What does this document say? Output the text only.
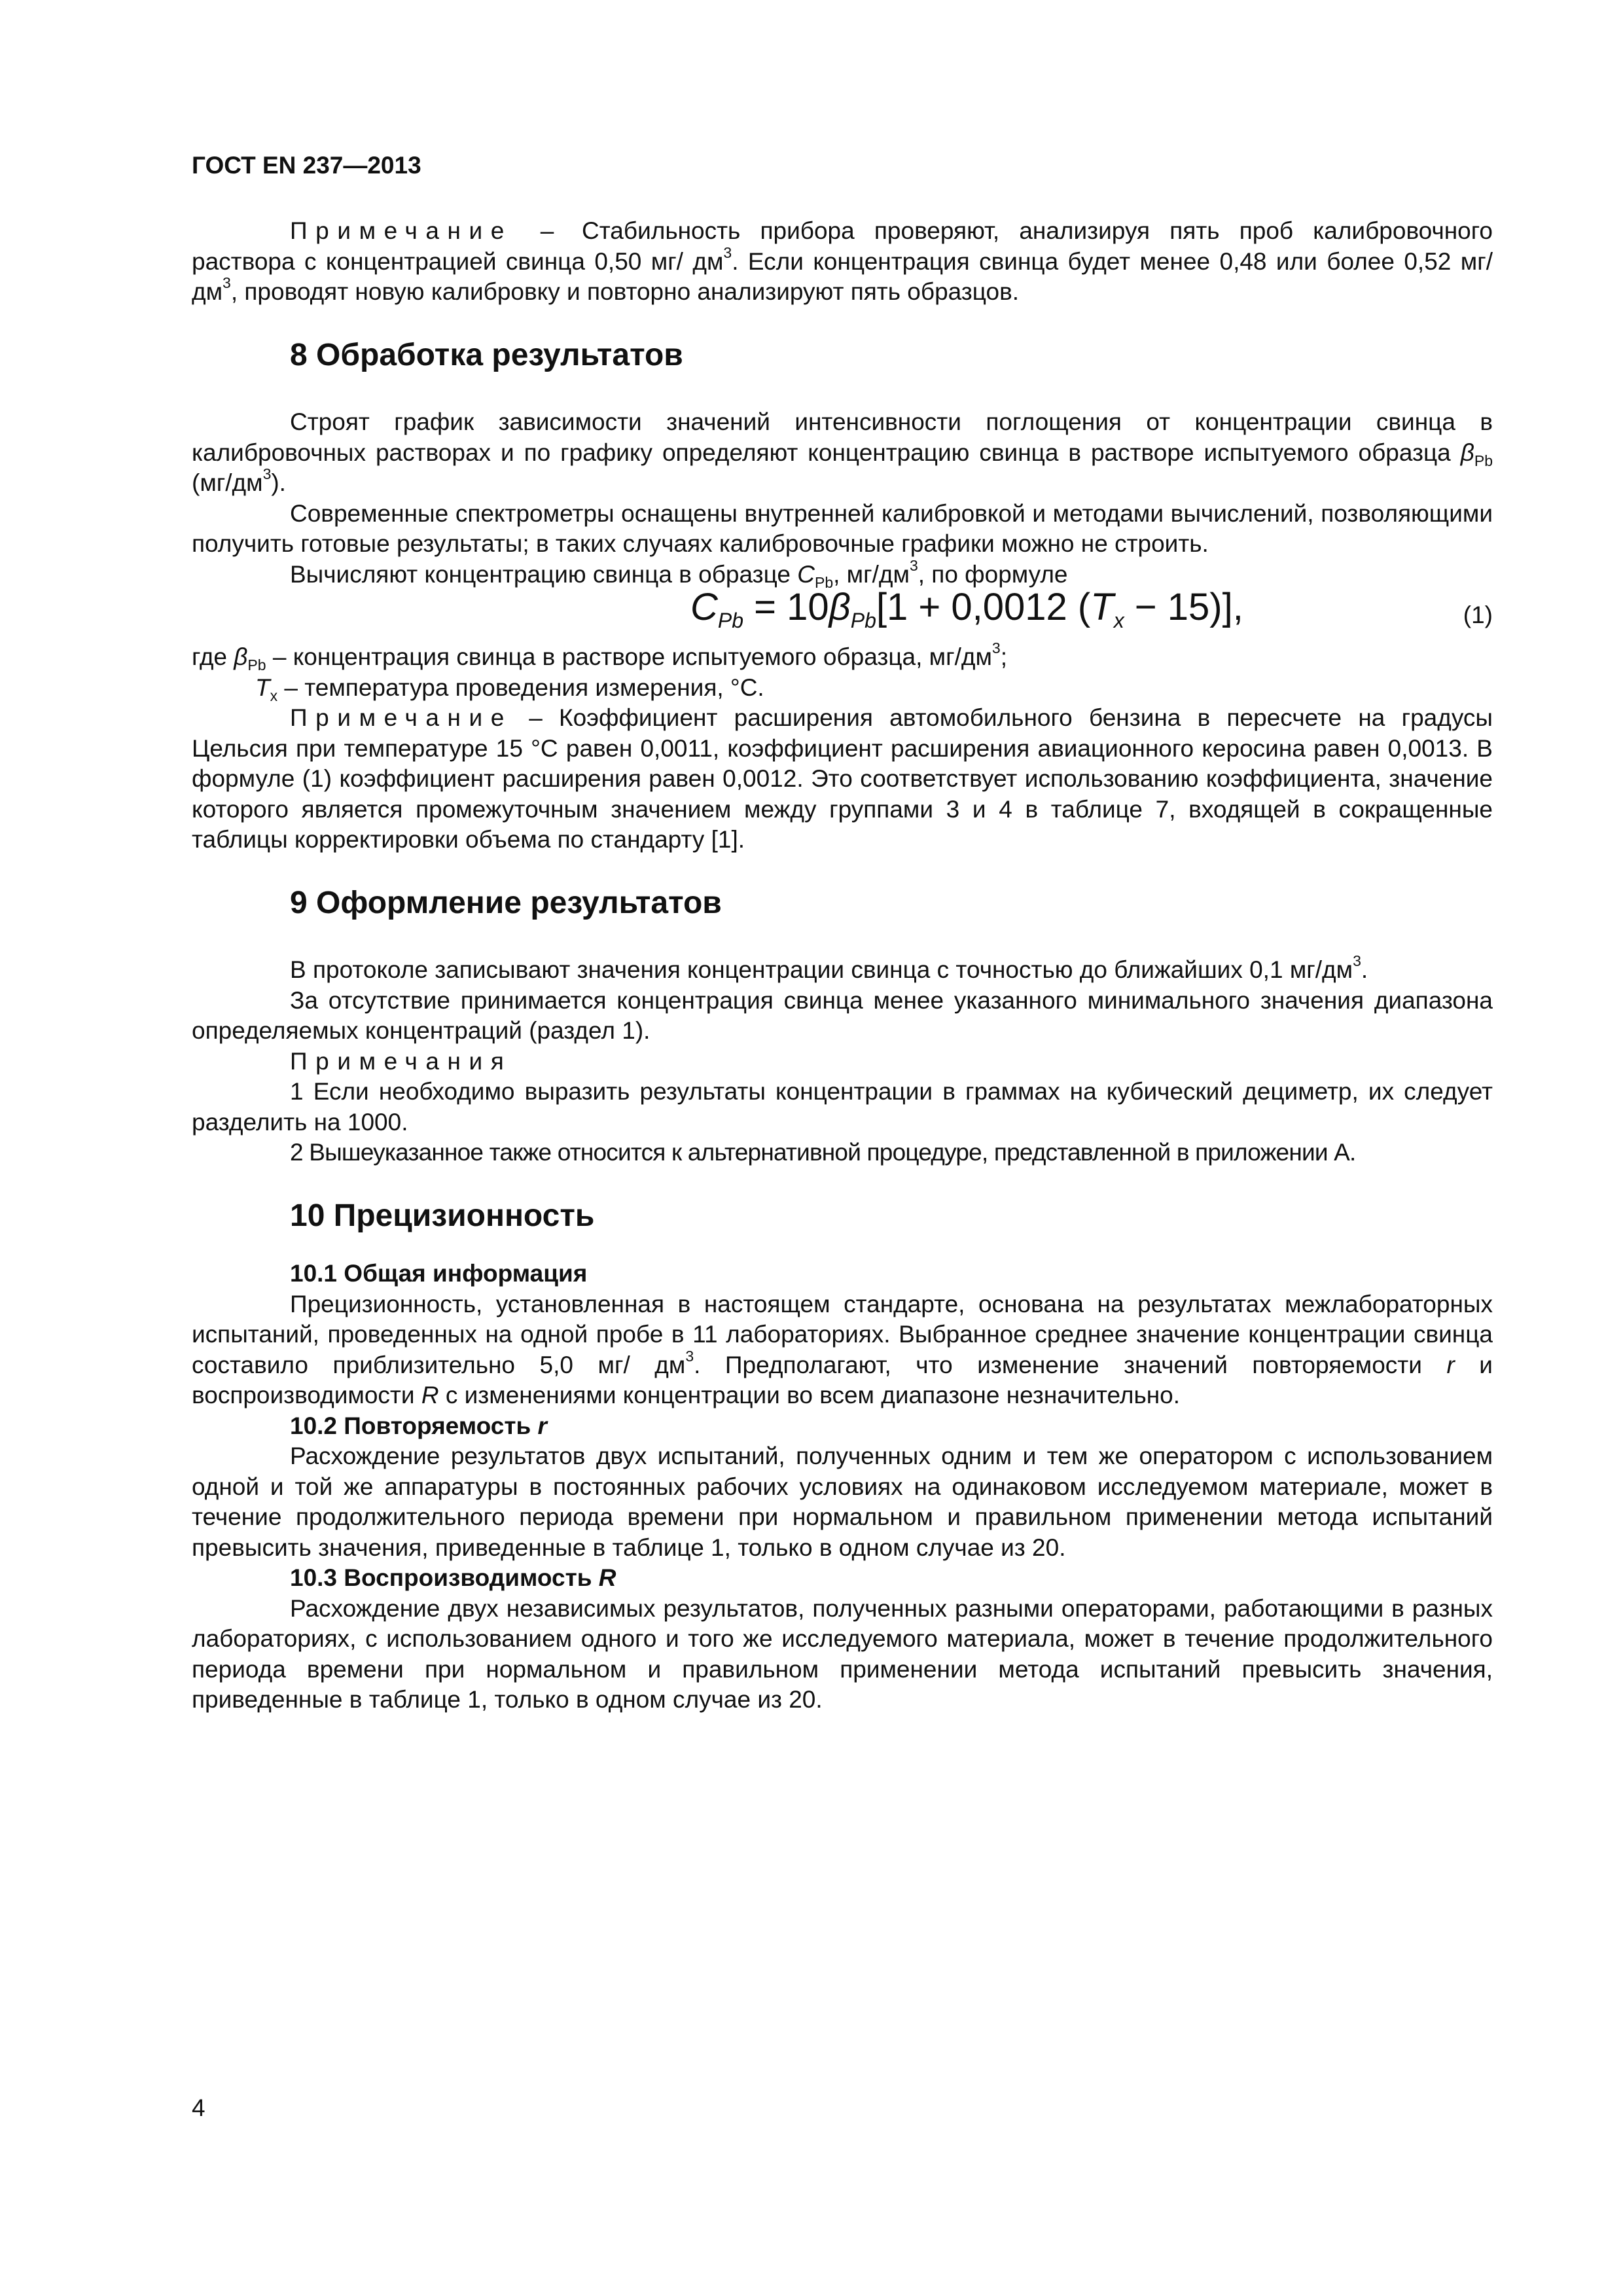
ГОСТ EN 237—2013

Примечание – Стабильность прибора проверяют, анализируя пять проб калибровочного раствора с концентрацией свинца 0,50 мг/ $дм^3$. Если концентрация свинца будет менее 0,48 или более 0,52 $мг/дм^3$, проводят новую калибровку и повторно анализируют пять образцов.

8 Обработка результатов

Строят график зависимости значений интенсивности поглощения от концентрации свинца в калибровочных растворах и по графику определяют концентрацию свинца в растворе испытуемого образца $\beta_{Pb}$ $(мг/дм^3)$.

Современные спектрометры оснащены внутренней калибровкой и методами вычислений, позволяющими получить готовые результаты; в таких случаях калибровочные графики можно не строить.

Вычисляют концентрацию свинца в образце $C_{Pb}$, $мг/дм^3$, по формуле

$C_{Pb} = 10\beta_{Pb}[1 + 0,0012$ $(T_x - 15)$],	(1)

где $\beta_{Pb}$ – концентрация свинца в растворе испытуемого образца, $мг/дм^3$;

$T_x$ – температура проведения измерения, °С.

Примечание – Коэффициент расширения автомобильного бензина в пересчете на градусы Цельсия при температуре 15 °С равен 0,0011, коэффициент расширения авиационного керосина равен 0,0013. В формуле (1) коэффициент расширения равен 0,0012. Это соответствует использованию коэффициента, значение которого является промежуточным значением между группами 3 и 4 в таблице 7, входящей в сокращенные таблицы корректировки объема по стандарту [1].

9 Оформление результатов

В протоколе записывают значения концентрации свинца с точностью до ближайших 0,1 $мг/дм^3$.

За отсутствие принимается концентрация свинца менее указанного минимального значения диапазона определяемых концентраций (раздел 1).

Примечания

1 Если необходимо выразить результаты концентрации в граммах на кубический дециметр, их следует разделить на 1000.

2 Вышеуказанное также относится к альтернативной процедуре, представленной в приложении А.

10 Прецизионность
10.1 Общая информация

Прецизионность, установленная в настоящем стандарте, основана на результатах межлабораторных испытаний, проведенных на одной пробе в 11 лабораториях. Выбранное среднее значение концентрации свинца составило приблизительно 5,0 мг/ $дм^3$. Предполагают, что изменение значений повторяемости r и воспроизводимости R с изменениями концентрации во всем диапазоне незначительно.

10.2 Повторяемость r

Расхождение результатов двух испытаний, полученных одним и тем же оператором с использованием одной и той же аппаратуры в постоянных рабочих условиях на одинаковом исследуемом материале, может в течение продолжительного периода времени при нормальном и правильном применении метода испытаний превысить значения, приведенные в таблице 1, только в одном случае из 20.

10.3 Воспроизводимость R

Расхождение двух независимых результатов, полученных разными операторами, работающими в разных лабораториях, с использованием одного и того же исследуемого материала, может в течение продолжительного периода времени при нормальном и правильном применении метода испытаний превысить значения, приведенные в таблице 1, только в одном случае из 20.

4
